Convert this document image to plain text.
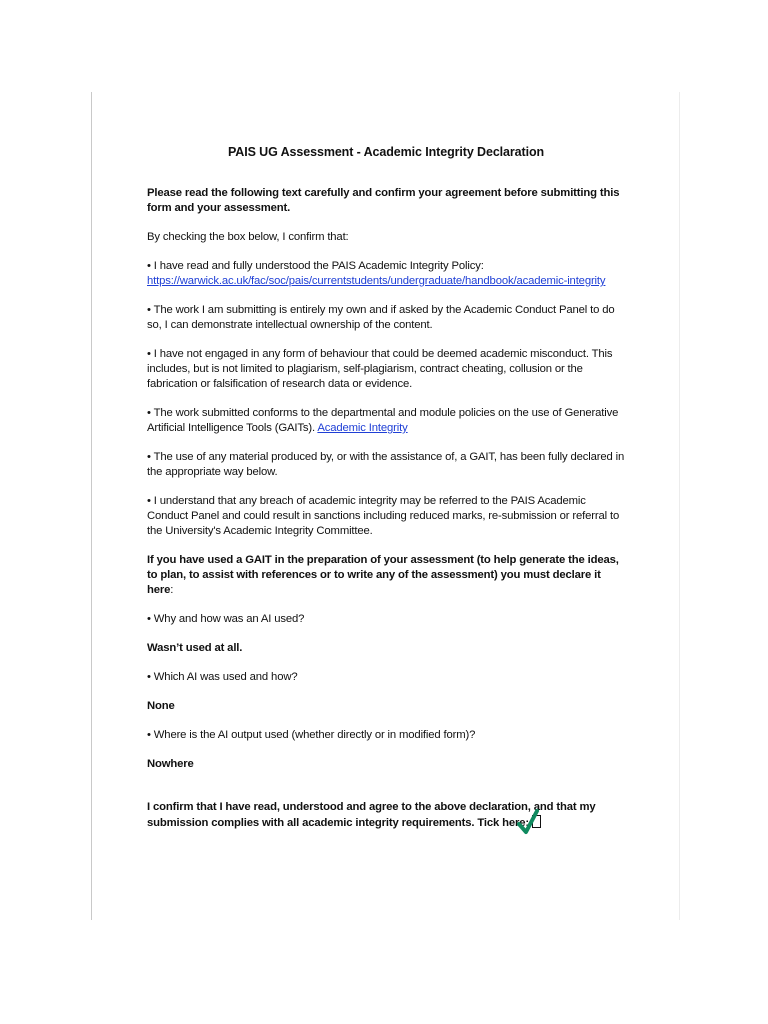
PAIS UG Assessment - Academic Integrity Declaration

Please read the following text carefully and confirm your agreement before submitting this form and your assessment.

By checking the box below, I confirm that:

• I have read and fully understood the PAIS Academic Integrity Policy:
https://warwick.ac.uk/fac/soc/pais/currentstudents/undergraduate/handbook/academic-integrity

• The work I am submitting is entirely my own and if asked by the Academic Conduct Panel to do so, I can demonstrate intellectual ownership of the content.

• I have not engaged in any form of behaviour that could be deemed academic misconduct. This includes, but is not limited to plagiarism, self-plagiarism, contract cheating, collusion or the fabrication or falsification of research data or evidence.

• The work submitted conforms to the departmental and module policies on the use of Generative Artificial Intelligence Tools (GAITs). Academic Integrity

• The use of any material produced by, or with the assistance of, a GAIT, has been fully declared in the appropriate way below.

• I understand that any breach of academic integrity may be referred to the PAIS Academic Conduct Panel and could result in sanctions including reduced marks, re-submission or referral to the University's Academic Integrity Committee.

If you have used a GAIT in the preparation of your assessment (to help generate the ideas, to plan, to assist with references or to write any of the assessment) you must declare it here:

• Why and how was an AI used?

Wasn’t used at all.

• Which AI was used and how?

None

• Where is the AI output used (whether directly or in modified form)?

Nowhere

I confirm that I have read, understood and agree to the above declaration, and that my submission complies with all academic integrity requirements. Tick here:
